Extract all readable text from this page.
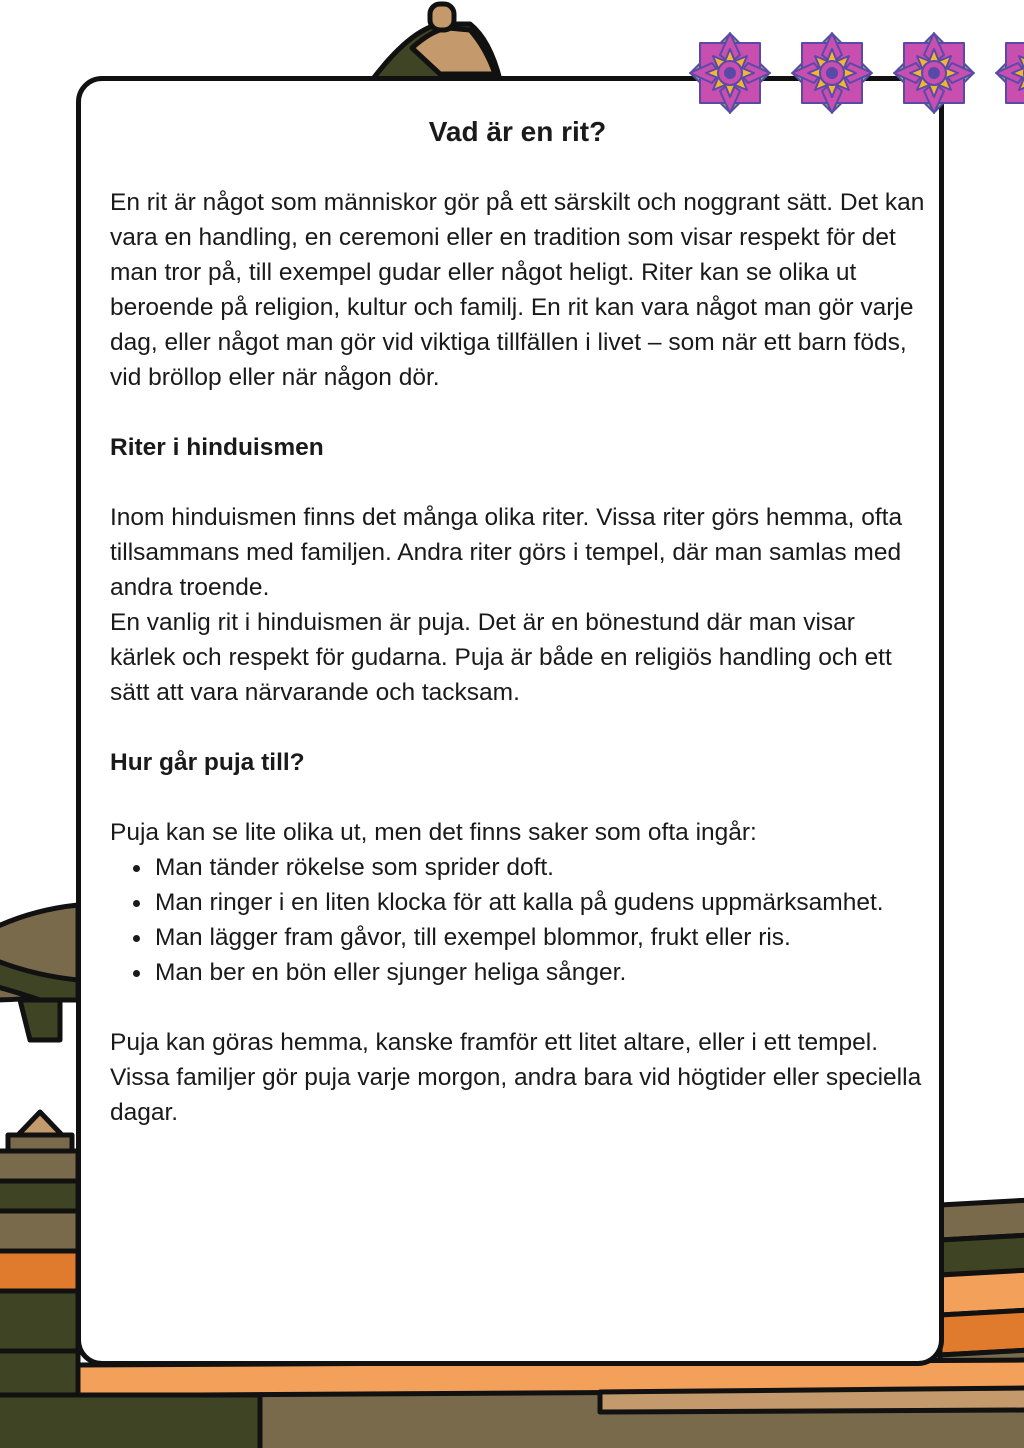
Vad är en rit?

En rit är något som människor gör på ett särskilt och noggrant sätt. Det kan vara en handling, en ceremoni eller en tradition som visar respekt för det man tror på, till exempel gudar eller något heligt. Riter kan se olika ut beroende på religion, kultur och familj. En rit kan vara något man gör varje dag, eller något man gör vid viktiga tillfällen i livet – som när ett barn föds, vid bröllop eller när någon dör.

Riter i hinduismen

Inom hinduismen finns det många olika riter. Vissa riter görs hemma, ofta tillsammans med familjen. Andra riter görs i tempel, där man samlas med andra troende.

En vanlig rit i hinduismen är puja. Det är en bönestund där man visar kärlek och respekt för gudarna. Puja är både en religiös handling och ett sätt att vara närvarande och tacksam.

Hur går puja till?

Puja kan se lite olika ut, men det finns saker som ofta ingår:

• Man tänder rökelse som sprider doft.
• Man ringer i en liten klocka för att kalla på gudens uppmärksamhet.
• Man lägger fram gåvor, till exempel blommor, frukt eller ris.
• Man ber en bön eller sjunger heliga sånger.

Puja kan göras hemma, kanske framför ett litet altare, eller i ett tempel. Vissa familjer gör puja varje morgon, andra bara vid högtider eller speciella dagar.
